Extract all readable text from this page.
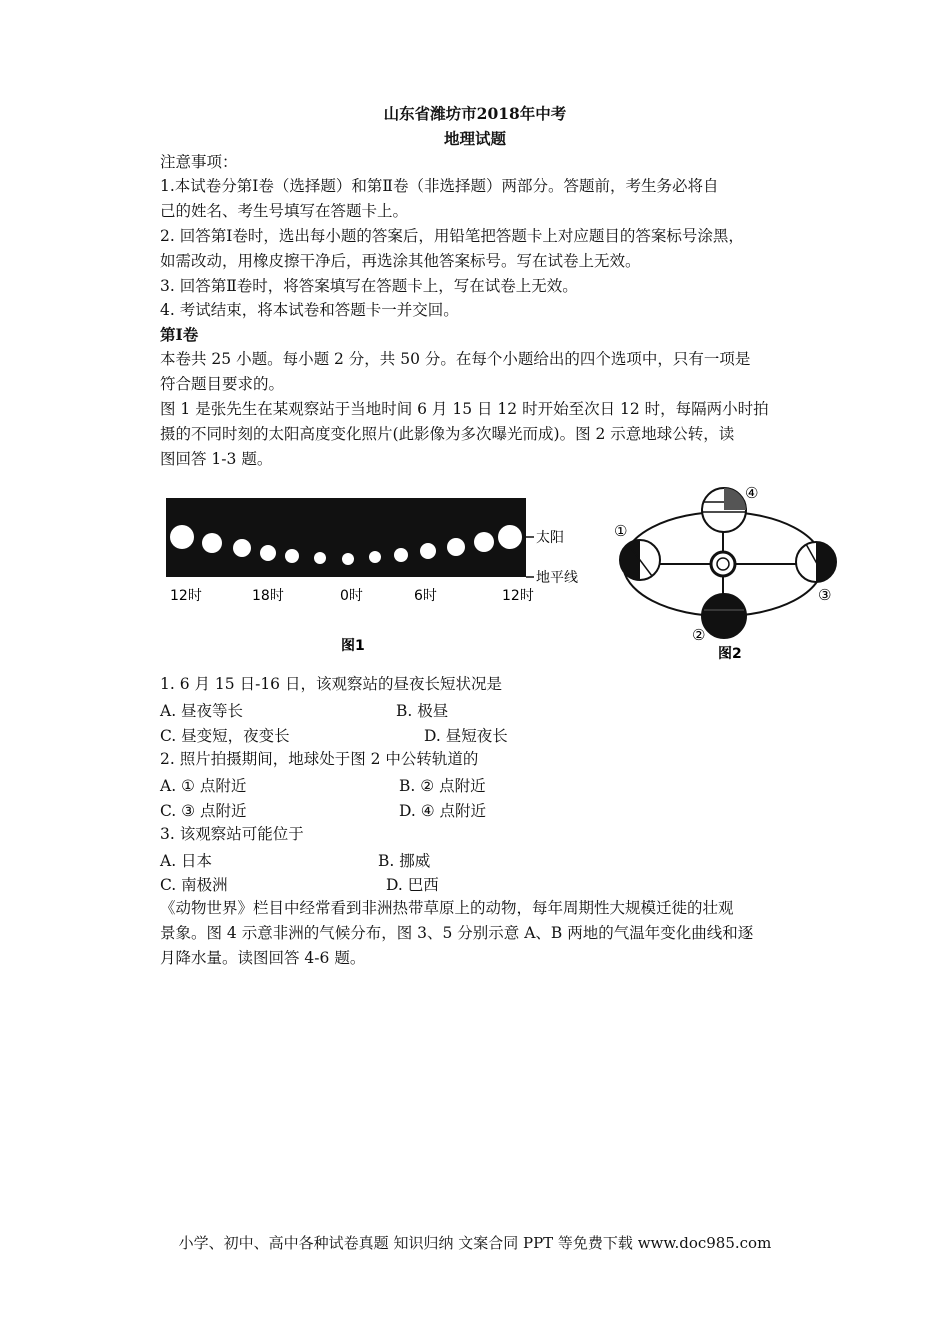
山东省潍坊市2018年中考
地理试题
注意事项：
1.本试卷分第Ⅰ卷（选择题）和第Ⅱ卷（非选择题）两部分。答题前，考生务必将自
己的姓名、考生号填写在答题卡上。
2. 回答第Ⅰ卷时，选出每小题的答案后，用铅笔把答题卡上对应题目的答案标号涂黑，
如需改动，用橡皮擦干净后，再选涂其他答案标号。写在试卷上无效。
3. 回答第Ⅱ卷时，将答案填写在答题卡上，写在试卷上无效。
4. 考试结束，将本试卷和答题卡一并交回。
第Ⅰ卷
本卷共 25 小题。每小题 2 分，共 50 分。在每个小题给出的四个选项中，只有一项是
符合题目要求的。
图 1 是张先生在某观察站于当地时间 6 月 15 日 12 时开始至次日 12 时，每隔两小时拍
摄的不同时刻的太阳高度变化照片(此影像为多次曝光而成)。图 2 示意地球公转，读
图回答 1-3 题。
太阳
地平线
12时	18时	0时	6时	12时
图1
①
③
④
②
图2
1. 6 月 15 日-16 日，该观察站的昼夜长短状况是
A. 昼夜等长	B. 极昼
C. 昼变短，夜变长	D. 昼短夜长
2. 照片拍摄期间，地球处于图 2 中公转轨道的
A. ① 点附近	B. ② 点附近
C. ③ 点附近	D. ④ 点附近
3. 该观察站可能位于
A. 日本	B. 挪威
C. 南极洲	D. 巴西
《动物世界》栏目中经常看到非洲热带草原上的动物，每年周期性大规模迁徙的壮观
景象。图 4 示意非洲的气候分布，图 3、5 分别示意 A、B 两地的气温年变化曲线和逐
月降水量。读图回答 4-6 题。
小学、初中、高中各种试卷真题 知识归纳 文案合同 PPT 等免费下载 www.doc985.com
